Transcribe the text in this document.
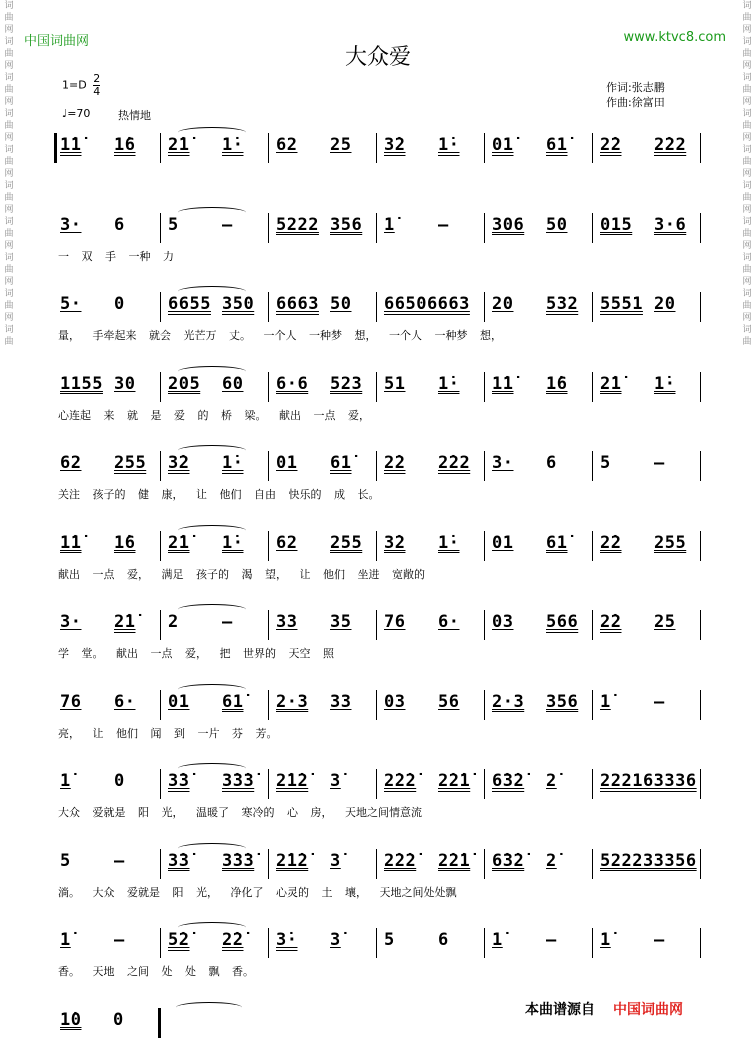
词
曲
网
词
曲
网
词
曲
网
词
曲
网
词
曲
网
词
曲
网
词
曲
网
词
曲
网
词
曲
网
词
曲
词
曲
网
词
曲
网
词
曲
网
词
曲
网
词
曲
网
词
曲
网
词
曲
网
词
曲
网
词
曲
网
词
曲
中国词曲网	www.ktvc8.com
大众爱
$1=D \frac{2}{4}$
♩=70	热情地
作词:张志鹏
作曲:徐富田
1̇1̇ 1̇6 2̇1̇ 1̇· 62 25 3̇2 1̇· 01̇ 61̇ 2̇2 2̇22
3· 6	5	—	5222 356 1̇	—	306 50 015 3·6
一 双 手 一种 力
5· 0	6655 350 6663 50 66506663 20 532 5551 20
量， 手牵起来 就会 光芒万 丈。 一个人 一种梦 想， 一个人 一种梦 想，
1155 30 205 60 6·6 523 51 1̇· 1̇1̇ 1̇6 2̇1̇ 1̇·
心连起 来 就 是 爱 的 桥 梁。 献出 一点 爱，
62 255 3̇2 1̇· 01 61̇ 2̇2 2̇22 3· 6	5	—
关注 孩子的 健 康， 让 他们 自由 快乐的 成 长。
1̇1̇ 1̇6 2̇1̇ 1̇· 62 255 3̇2 1̇· 01 61̇ 2̇2 255
献出 一点 爱， 满足 孩子的 渴 望， 让 他们 坐进 宽敞的
3· 2̇1̇ 2	—	33 35 76 6· 03 566 2̇2 25
学 堂。 献出 一点 爱， 把 世界的 天空 照
76 6· 01 61̇ 2·3 33 03 56 2·3 356 1̇	—
亮， 让 他们 闻 到 一片 芬 芳。
1̇	0	3̇3̇ 3̇3̇3̇ 2̇1̇2̇ 3̇	2̇2̇2̇ 2̇2̇1̇ 6̇3̇2̇ 2̇	222163336
大众 爱就是 阳 光， 温暖了 寒冷的 心 房， 天地之间情意流
5	—	3̇3̇ 3̇3̇3̇ 2̇1̇2̇ 3̇	2̇2̇2̇ 2̇2̇1̇ 6̇3̇2̇ 2̇	522233356
淌。 大众 爱就是 阳 光， 净化了 心灵的 土 壤， 天地之间处处飘
1̇	—	5̇2̇ 2̇2̇ 3̇· 3̇	5	6	1̇	—	1̇	—
香。 天地 之间 处 处 飘 香。
1̇0 0	本曲谱源自 中国词曲网
